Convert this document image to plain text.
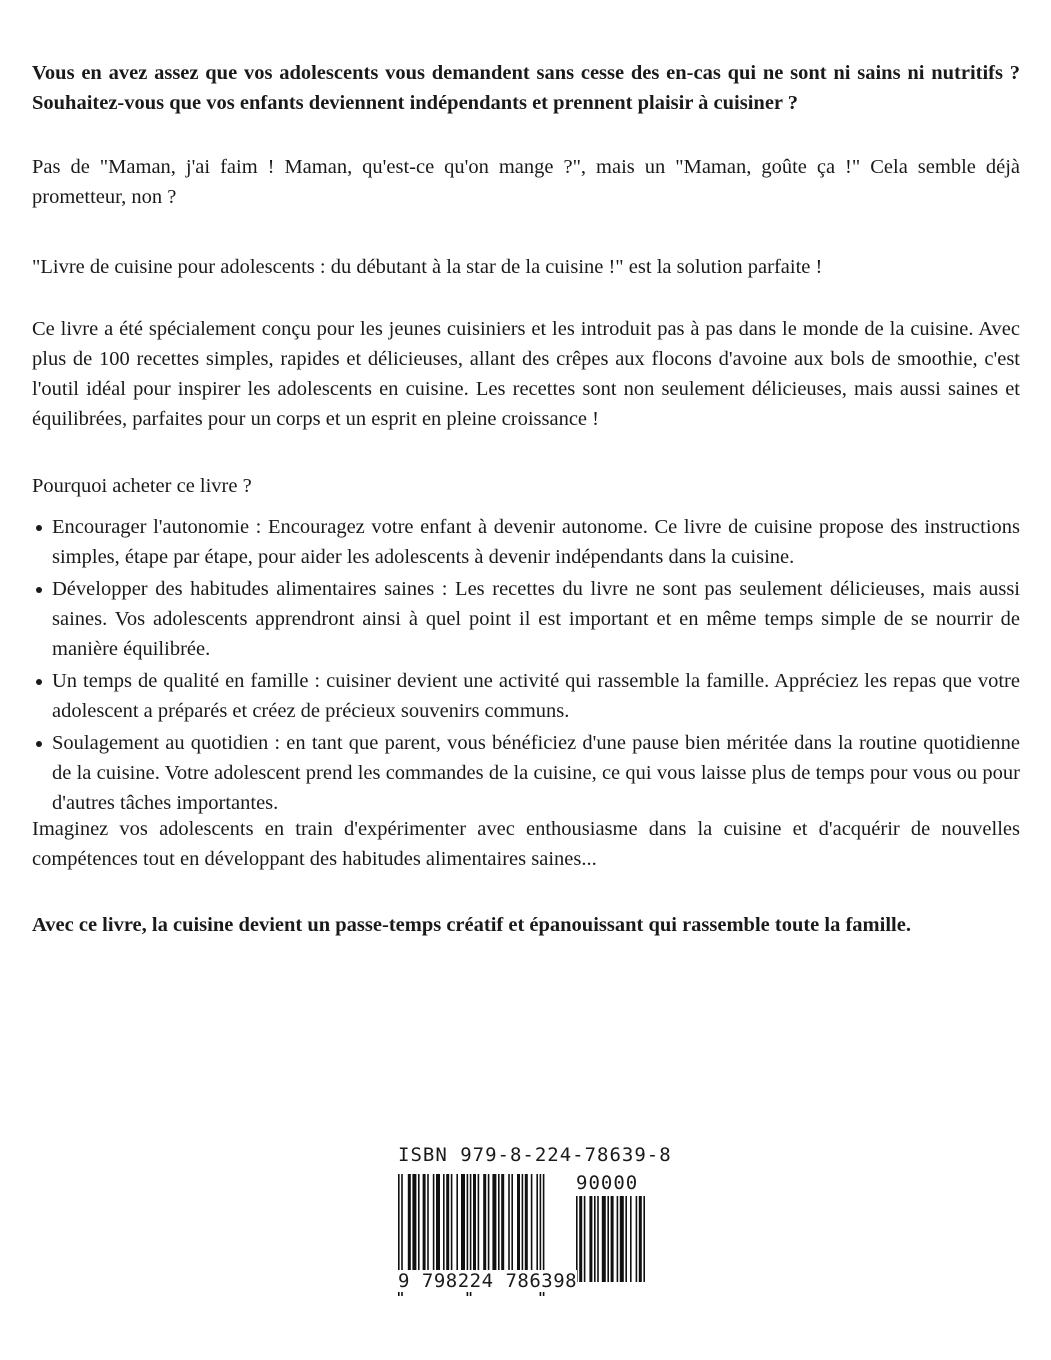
Vous en avez assez que vos adolescents vous demandent sans cesse des en-cas qui ne sont ni sains ni nutritifs ? Souhaitez-vous que vos enfants deviennent indépendants et prennent plaisir à cuisiner ?

Pas de "Maman, j'ai faim ! Maman, qu'est-ce qu'on mange ?", mais un "Maman, goûte ça !" Cela semble déjà prometteur, non ?

"Livre de cuisine pour adolescents : du débutant à la star de la cuisine !" est la solution parfaite !

Ce livre a été spécialement conçu pour les jeunes cuisiniers et les introduit pas à pas dans le monde de la cuisine. Avec plus de 100 recettes simples, rapides et délicieuses, allant des crêpes aux flocons d'avoine aux bols de smoothie, c'est l'outil idéal pour inspirer les adolescents en cuisine. Les recettes sont non seulement délicieuses, mais aussi saines et équilibrées, parfaites pour un corps et un esprit en pleine croissance !

Pourquoi acheter ce livre ?

Encourager l'autonomie : Encouragez votre enfant à devenir autonome. Ce livre de cuisine propose des instructions simples, étape par étape, pour aider les adolescents à devenir indépendants dans la cuisine.
Développer des habitudes alimentaires saines : Les recettes du livre ne sont pas seulement délicieuses, mais aussi saines. Vos adolescents apprendront ainsi à quel point il est important et en même temps simple de se nourrir de manière équilibrée.
Un temps de qualité en famille : cuisiner devient une activité qui rassemble la famille. Appréciez les repas que votre adolescent a préparés et créez de précieux souvenirs communs.
Soulagement au quotidien : en tant que parent, vous bénéficiez d'une pause bien méritée dans la routine quotidienne de la cuisine. Votre adolescent prend les commandes de la cuisine, ce qui vous laisse plus de temps pour vous ou pour d'autres tâches importantes.

Imaginez vos adolescents en train d'expérimenter avec enthousiasme dans la cuisine et d'acquérir de nouvelles compétences tout en développant des habitudes alimentaires saines...

Avec ce livre, la cuisine devient un passe-temps créatif et épanouissant qui rassemble toute la famille.

ISBN 979-8-224-78639-8
90000
9 798224 786398
